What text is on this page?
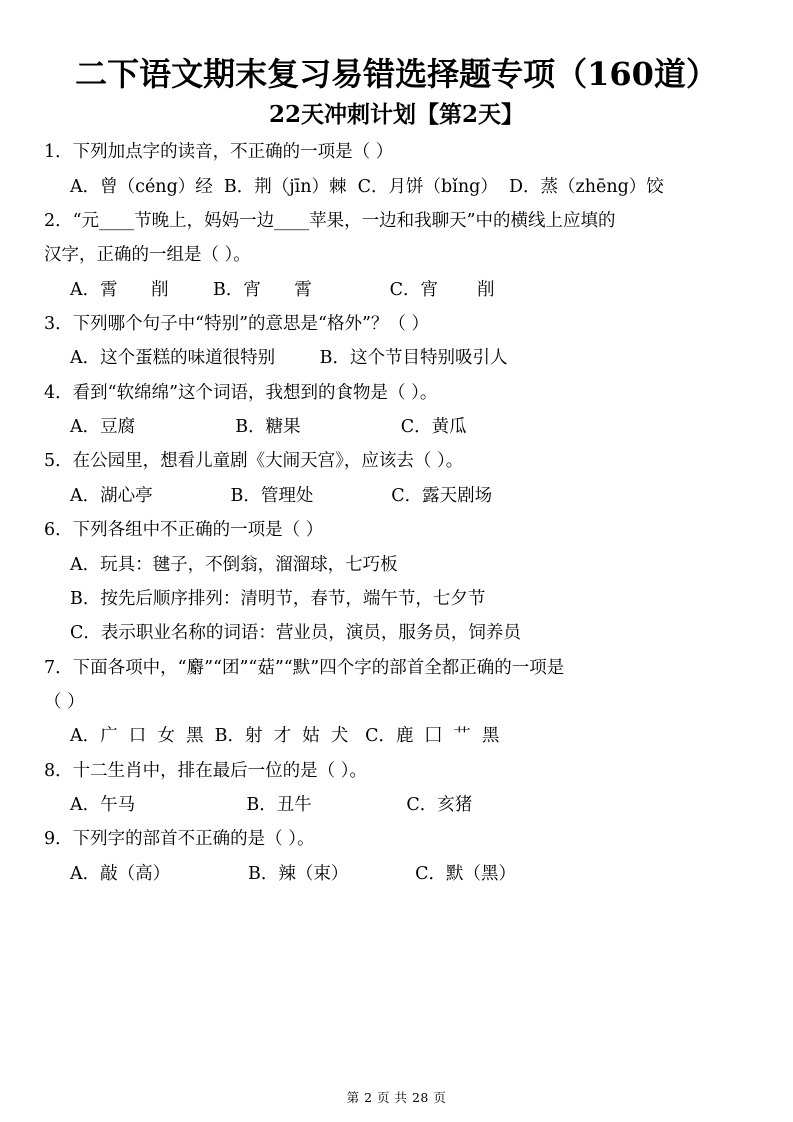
二下语文期末复习易错选择题专项（160道）
22天冲刺计划【第2天】
1．下列加点字的读音，不正确的一项是（ ）
A．曾（céng）经  B．荆（jīn）棘  C．月饼（bǐng）  D．蒸（zhēng）饺
2．“元____节晚上，妈妈一边____苹果，一边和我聊天”中的横线上应填的
汉字，正确的一组是（ ）。
A．霄      削        B．宵      霄              C．宵       削
3．下列哪个句子中“特别”的意思是“格外”？（ ）
A．这个蛋糕的味道很特别        B．这个节目特别吸引人
4．看到“软绵绵”这个词语，我想到的食物是（ ）。
A．豆腐                  B．糖果                  C．黄瓜
5．在公园里，想看儿童剧《大闹天宫》，应该去（ ）。
A．湖心亭              B．管理处              C．露天剧场
6．下列各组中不正确的一项是（ ）
A．玩具：毽子，不倒翁，溜溜球，七巧板
B．按先后顺序排列：清明节，春节，端午节，七夕节
C．表示职业名称的词语：营业员，演员，服务员，饲养员
7．下面各项中，“麝”“团”“菇”“默”四个字的部首全都正确的一项是
（ ）
A．广  口  女  黑  B．射  才  姑  犬   C．鹿  囗  艹  黑
8．十二生肖中，排在最后一位的是（ ）。
A．午马                    B．丑牛                 C．亥猪
9．下列字的部首不正确的是（ ）。
A．敲（高）              B．辣（束）            C．默（黑）
第 2 页 共 28 页
